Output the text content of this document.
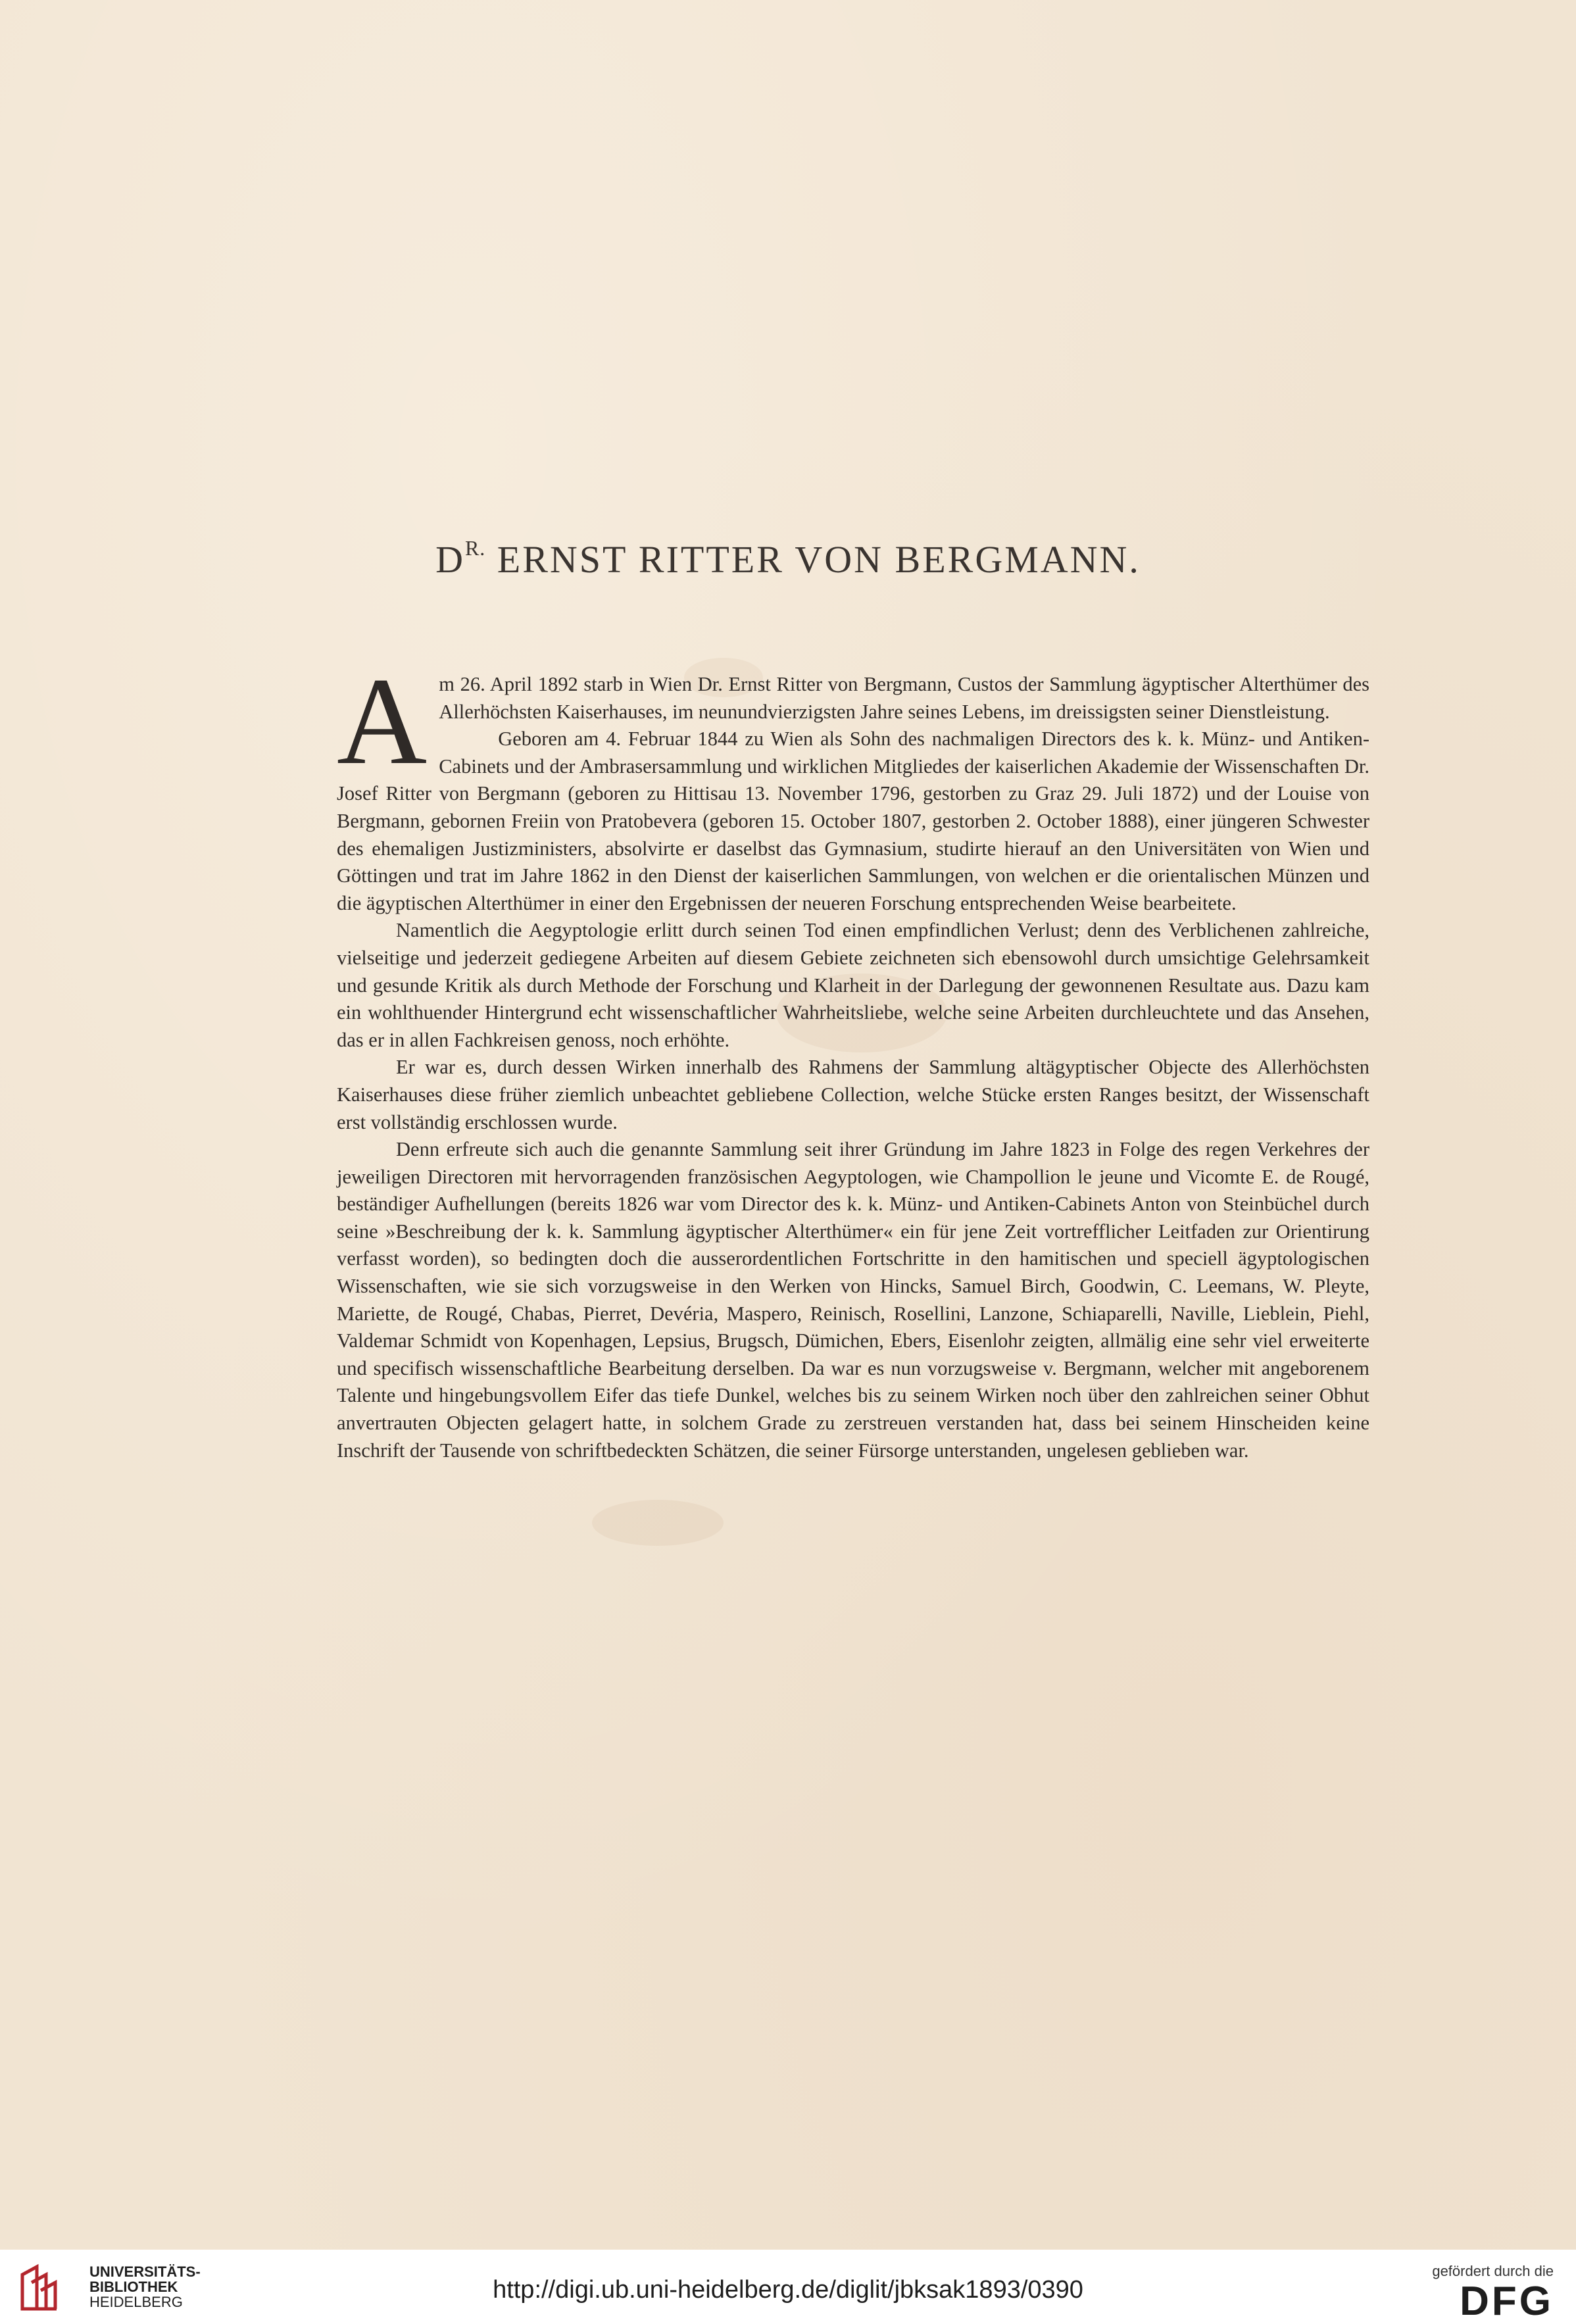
$D^{R.}$ ERNST RITTER VON BERGMANN.

Am 26. April 1892 starb in Wien Dr. Ernst Ritter von Bergmann, Custos der Sammlung ägyptischer Alterthümer des Allerhöchsten Kaiserhauses, im neunundvierzigsten Jahre seines Lebens, im dreissigsten seiner Dienstleistung.

Geboren am 4. Februar 1844 zu Wien als Sohn des nachmaligen Directors des k. k. Münz- und Antiken-Cabinets und der Ambrasersammlung und wirklichen Mitgliedes der kaiserlichen Akademie der Wissenschaften Dr. Josef Ritter von Bergmann (geboren zu Hittisau 13. November 1796, gestorben zu Graz 29. Juli 1872) und der Louise von Bergmann, gebornen Freiin von Pratobevera (geboren 15. October 1807, gestorben 2. October 1888), einer jüngeren Schwester des ehemaligen Justizministers, absolvirte er daselbst das Gymnasium, studirte hierauf an den Universitäten von Wien und Göttingen und trat im Jahre 1862 in den Dienst der kaiserlichen Sammlungen, von welchen er die orientalischen Münzen und die ägyptischen Alterthümer in einer den Ergebnissen der neueren Forschung entsprechenden Weise bearbeitete.

Namentlich die Aegyptologie erlitt durch seinen Tod einen empfindlichen Verlust; denn des Verblichenen zahlreiche, vielseitige und jederzeit gediegene Arbeiten auf diesem Gebiete zeichneten sich ebensowohl durch umsichtige Gelehrsamkeit und gesunde Kritik als durch Methode der Forschung und Klarheit in der Darlegung der gewonnenen Resultate aus. Dazu kam ein wohlthuender Hintergrund echt wissenschaftlicher Wahrheitsliebe, welche seine Arbeiten durchleuchtete und das Ansehen, das er in allen Fachkreisen genoss, noch erhöhte.

Er war es, durch dessen Wirken innerhalb des Rahmens der Sammlung altägyptischer Objecte des Allerhöchsten Kaiserhauses diese früher ziemlich unbeachtet gebliebene Collection, welche Stücke ersten Ranges besitzt, der Wissenschaft erst vollständig erschlossen wurde.

Denn erfreute sich auch die genannte Sammlung seit ihrer Gründung im Jahre 1823 in Folge des regen Verkehres der jeweiligen Directoren mit hervorragenden französischen Aegyptologen, wie Champollion le jeune und Vicomte E. de Rougé, beständiger Aufhellungen (bereits 1826 war vom Director des k. k. Münz- und Antiken-Cabinets Anton von Steinbüchel durch seine »Beschreibung der k. k. Sammlung ägyptischer Alterthümer« ein für jene Zeit vortrefflicher Leitfaden zur Orientirung verfasst worden), so bedingten doch die ausserordentlichen Fortschritte in den hamitischen und speciell ägyptologischen Wissenschaften, wie sie sich vorzugsweise in den Werken von Hincks, Samuel Birch, Goodwin, C. Leemans, W. Pleyte, Mariette, de Rougé, Chabas, Pierret, Devéria, Maspero, Reinisch, Rosellini, Lanzone, Schiaparelli, Naville, Lieblein, Piehl, Valdemar Schmidt von Kopenhagen, Lepsius, Brugsch, Dümichen, Ebers, Eisenlohr zeigten, allmälig eine sehr viel erweiterte und specifisch wissenschaftliche Bearbeitung derselben. Da war es nun vorzugsweise v. Bergmann, welcher mit angeborenem Talente und hingebungsvollem Eifer das tiefe Dunkel, welches bis zu seinem Wirken noch über den zahlreichen seiner Obhut anvertrauten Objecten gelagert hatte, in solchem Grade zu zerstreuen verstanden hat, dass bei seinem Hinscheiden keine Inschrift der Tausende von schriftbedeckten Schätzen, die seiner Fürsorge unterstanden, ungelesen geblieben war.

UNIVERSITÄTS-
BIBLIOTHEK
HEIDELBERG	http://digi.ub.uni-heidelberg.de/diglit/jbksak1893/0390
gefördert durch die
DFG
